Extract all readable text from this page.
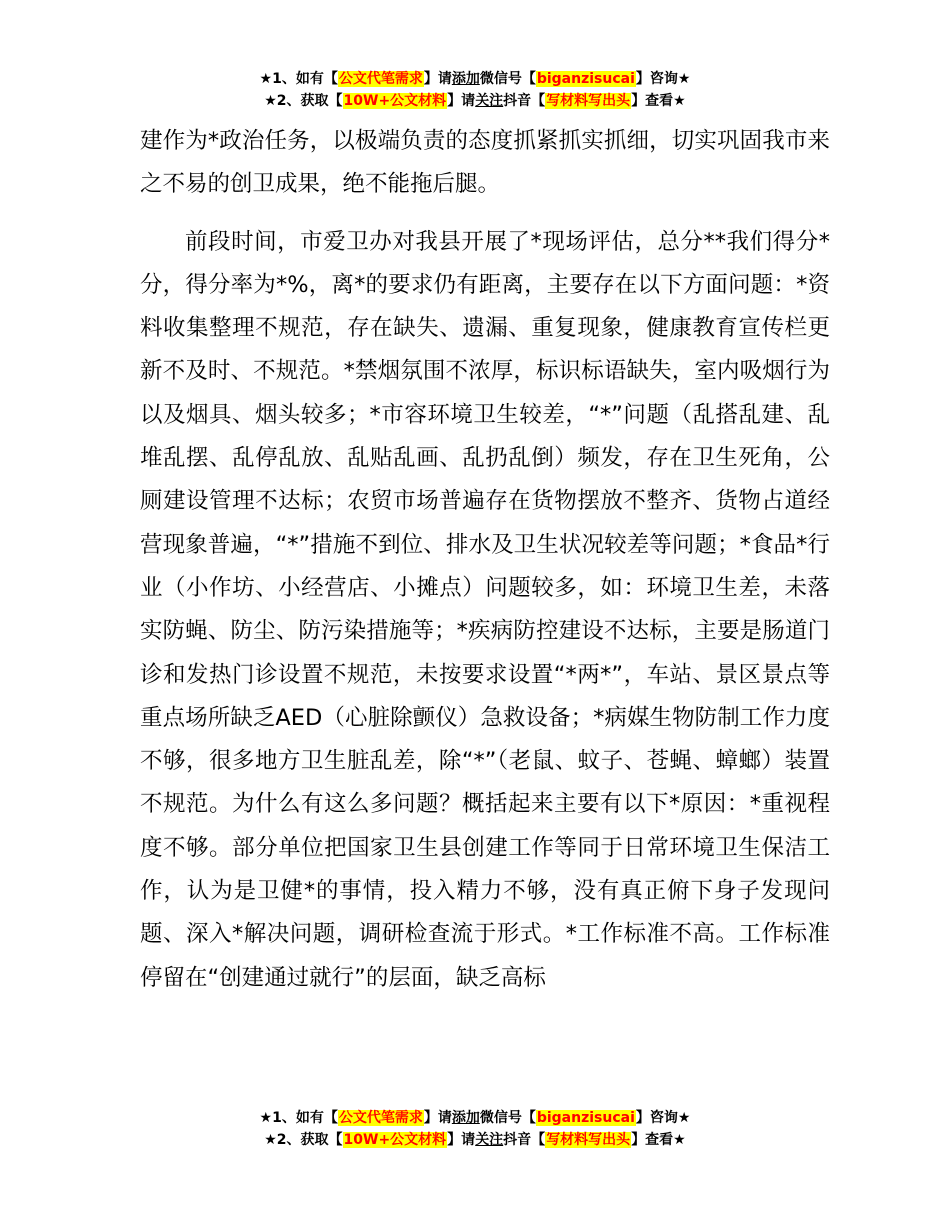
★1、如有【公文代笔需求】请添加微信号【biganzisucai】咨询★
★2、获取【10W+公文材料】请关注抖音【写材料写出头】查看★

建作为*政治任务，以极端负责的态度抓紧抓实抓细，切实巩固我市来之不易的创卫成果，绝不能拖后腿。

前段时间，市爱卫办对我县开展了*现场评估，总分**我们得分*分，得分率为*%，离*的要求仍有距离，主要存在以下方面问题：*资料收集整理不规范，存在缺失、遗漏、重复现象，健康教育宣传栏更新不及时、不规范。*禁烟氛围不浓厚，标识标语缺失，室内吸烟行为以及烟具、烟头较多；*市容环境卫生较差，“*”问题（乱搭乱建、乱堆乱摆、乱停乱放、乱贴乱画、乱扔乱倒）频发，存在卫生死角，公厕建设管理不达标；农贸市场普遍存在货物摆放不整齐、货物占道经营现象普遍，“*”措施不到位、排水及卫生状况较差等问题；*食品*行业（小作坊、小经营店、小摊点）问题较多，如：环境卫生差，未落实防蝇、防尘、防污染措施等；*疾病防控建设不达标，主要是肠道门诊和发热门诊设置不规范，未按要求设置“*两*”，车站、景区景点等重点场所缺乏AED（心脏除颤仪）急救设备；*病媒生物防制工作力度不够，很多地方卫生脏乱差，除“*”（老鼠、蚊子、苍蝇、蟑螂）装置不规范。为什么有这么多问题？概括起来主要有以下*原因：*重视程度不够。部分单位把国家卫生县创建工作等同于日常环境卫生保洁工作，认为是卫健*的事情，投入精力不够，没有真正俯下身子发现问题、深入*解决问题，调研检查流于形式。*工作标准不高。工作标准停留在“创建通过就行”的层面，缺乏高标

★1、如有【公文代笔需求】请添加微信号【biganzisucai】咨询★
★2、获取【10W+公文材料】请关注抖音【写材料写出头】查看★
